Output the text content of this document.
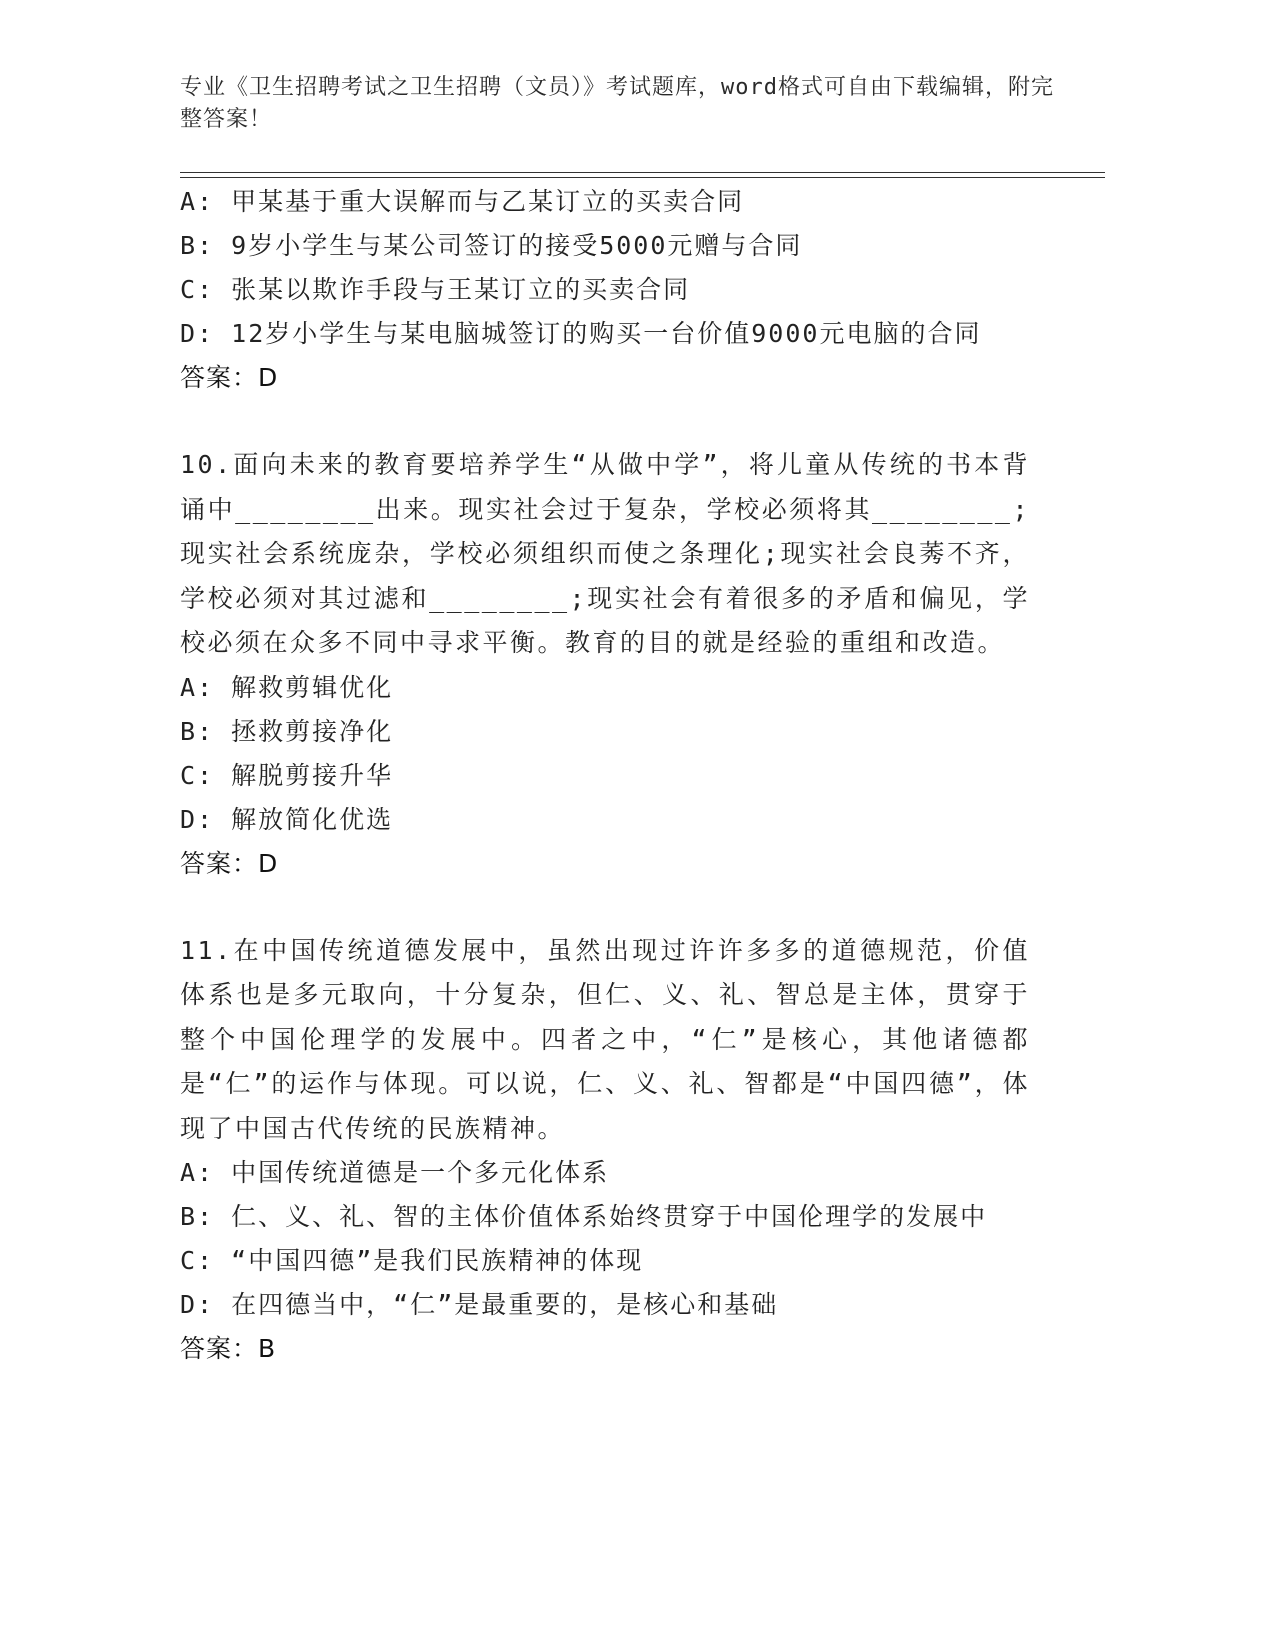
专业《卫生招聘考试之卫生招聘（文员）》考试题库，word格式可自由下载编辑，附完整答案！
A: 甲某基于重大误解而与乙某订立的买卖合同
B: 9岁小学生与某公司签订的接受5000元赠与合同
C: 张某以欺诈手段与王某订立的买卖合同
D: 12岁小学生与某电脑城签订的购买一台价值9000元电脑的合同
答案：D
10.面向未来的教育要培养学生“从做中学”，将儿童从传统的书本背诵中________出来。现实社会过于复杂，学校必须将其________;现实社会系统庞杂，学校必须组织而使之条理化;现实社会良莠不齐，学校必须对其过滤和________;现实社会有着很多的矛盾和偏见，学校必须在众多不同中寻求平衡。教育的目的就是经验的重组和改造。
A: 解救剪辑优化
B: 拯救剪接净化
C: 解脱剪接升华
D: 解放简化优选
答案：D
11.在中国传统道德发展中，虽然出现过许许多多的道德规范，价值体系也是多元取向，十分复杂，但仁、义、礼、智总是主体，贯穿于整个中国伦理学的发展中。四者之中，“仁”是核心，其他诸德都是“仁”的运作与体现。可以说，仁、义、礼、智都是“中国四德”，体现了中国古代传统的民族精神。
A: 中国传统道德是一个多元化体系
B: 仁、义、礼、智的主体价值体系始终贯穿于中国伦理学的发展中
C: “中国四德”是我们民族精神的体现
D: 在四德当中，“仁”是最重要的，是核心和基础
答案：B
